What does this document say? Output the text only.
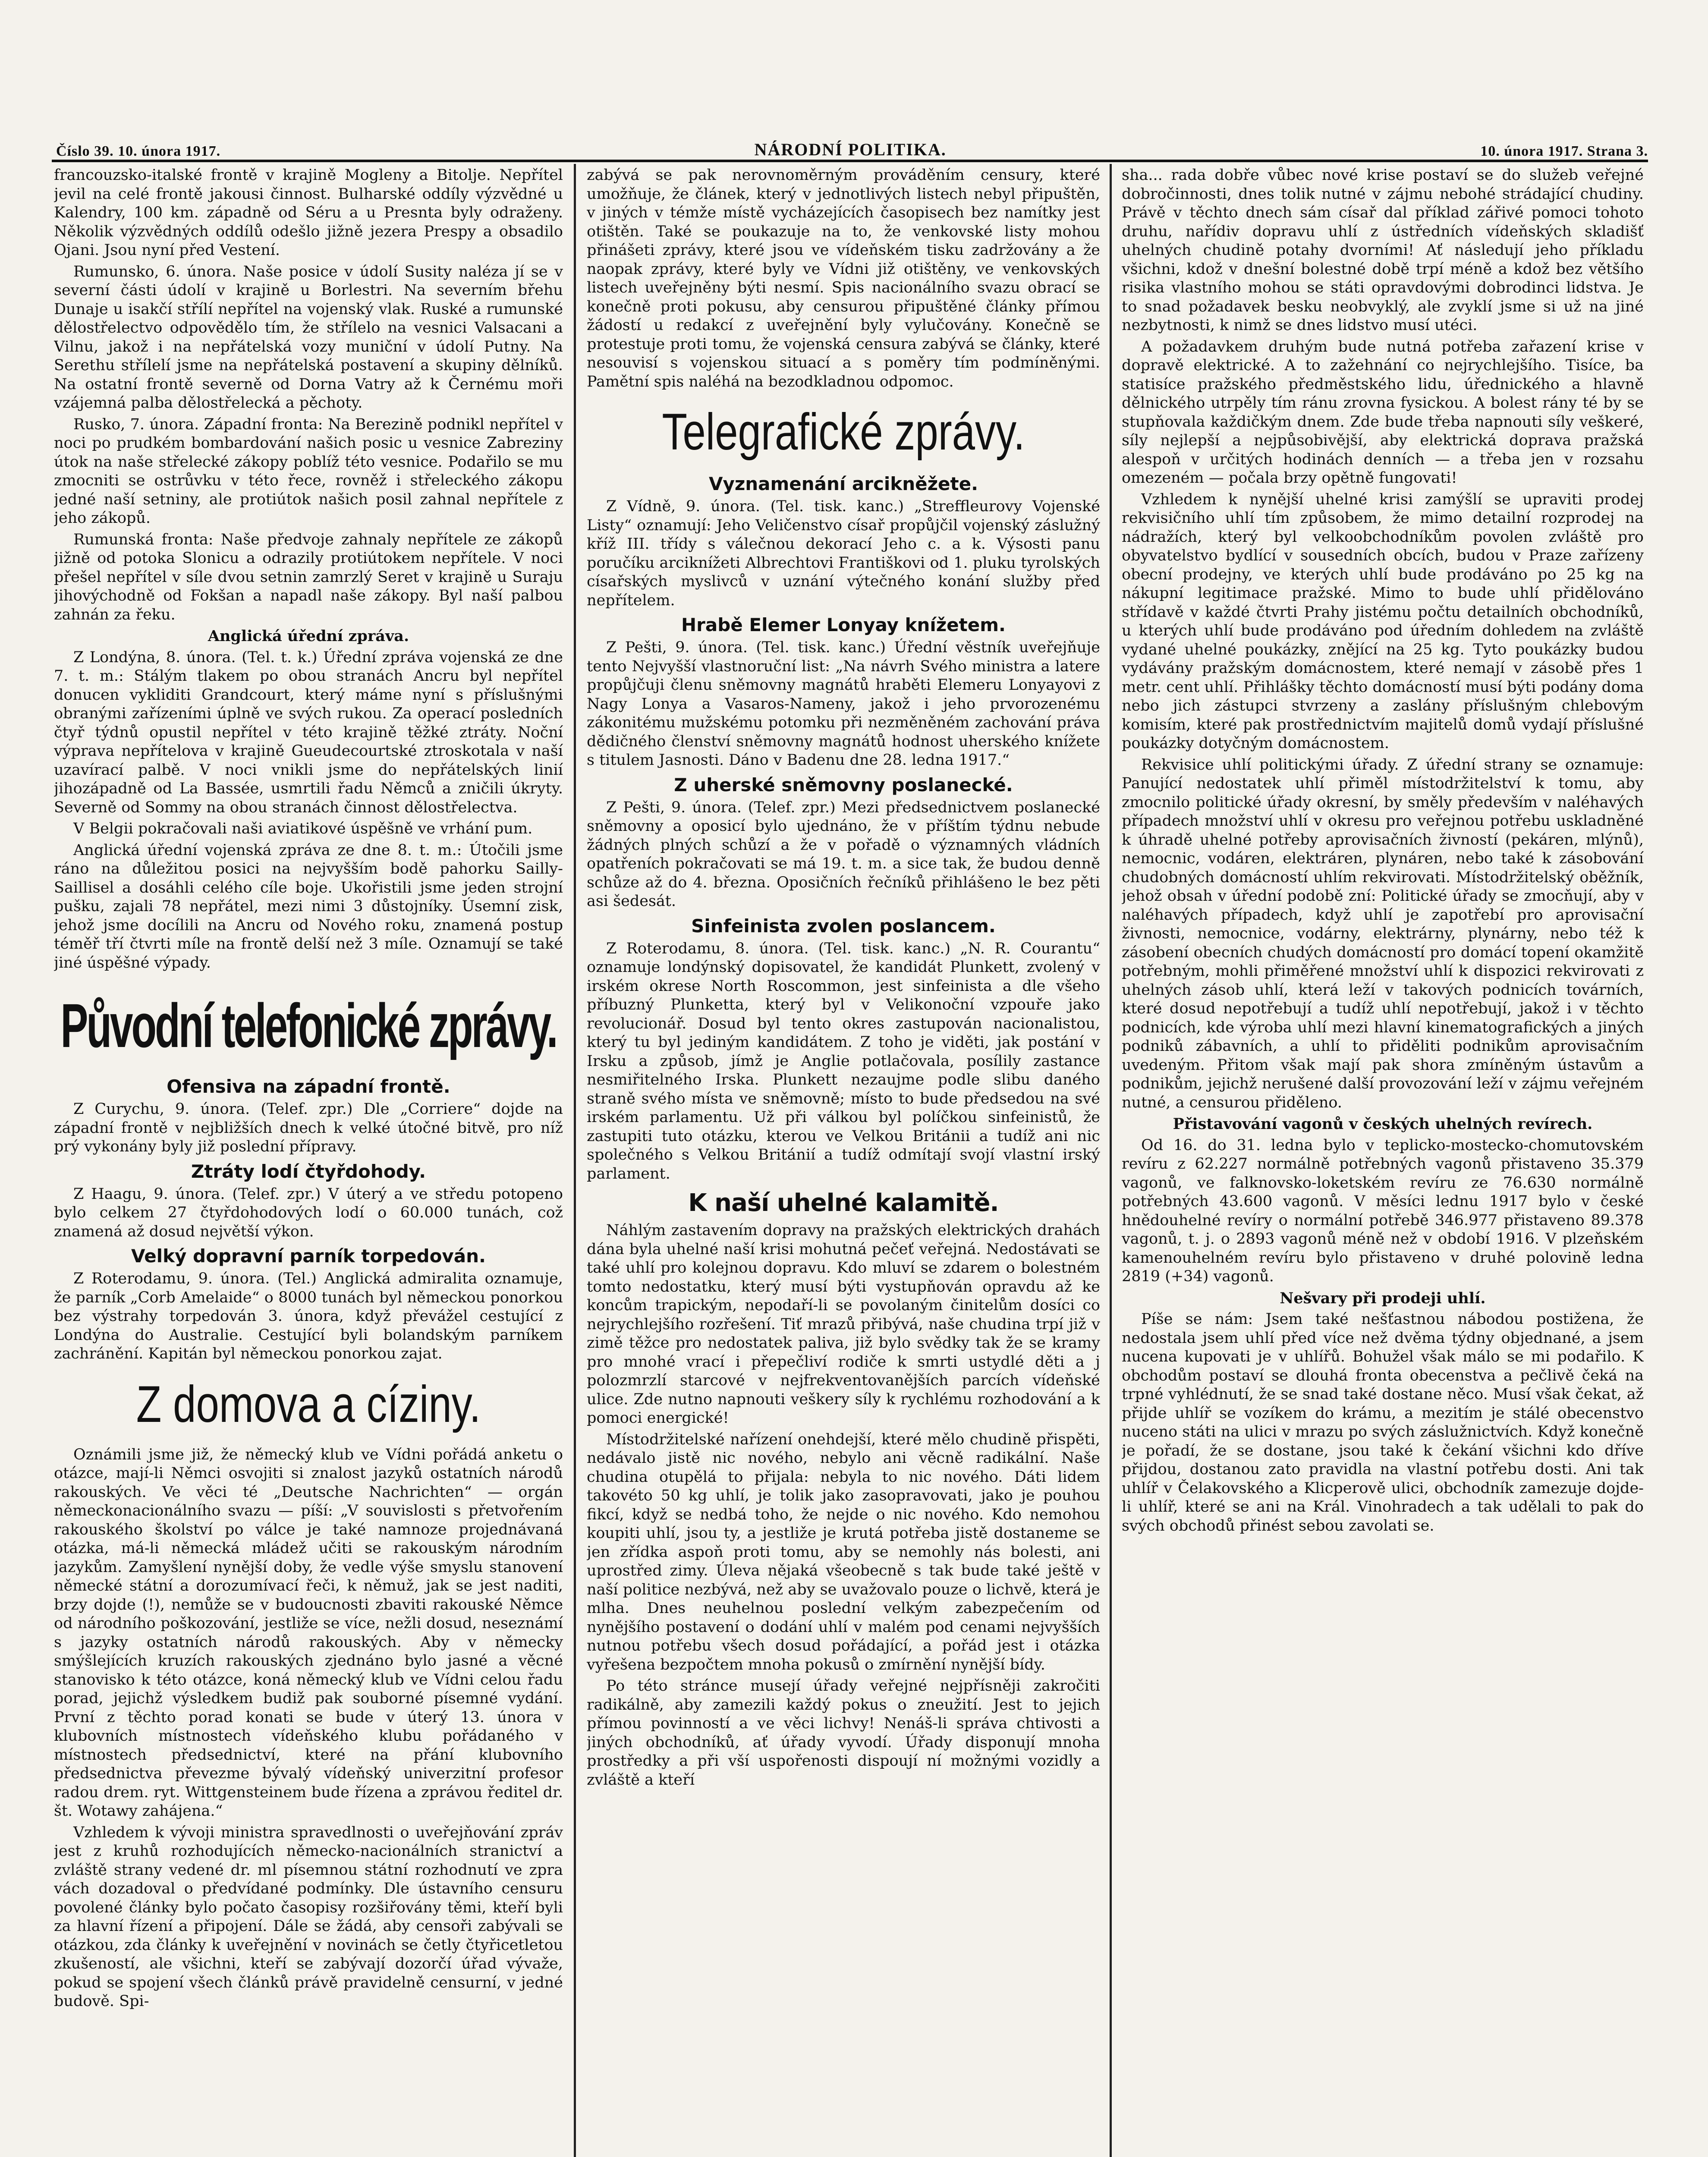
Číslo 39. 10. února 1917.	NÁRODNÍ POLITIKA.	10. února 1917. Strana 3.

francouzsko-italské frontě v krajině Mogleny a Bitolje. Nepřítel jevil na celé frontě jakousi činnost. Bulharské oddíly výzvědné u Kalendry, 100 km. západně od Séru a u Presnta byly odraženy. Několik výzvědných oddílů odešlo jižně jezera Prespy a obsadilo Ojani. Jsou nyní před Vestení.

Rumunsko, 6. února. Naše posice v údolí Susity naléza jí se v severní části údolí v krajině u Borlestri. Na severním břehu Dunaje u isakčí střílí nepřítel na vojenský vlak. Ruské a rumunské dělostřelectvo odpovědělo tím, že střílelo na vesnici Valsacani a Vilnu, jakož i na nepřátelská vozy muniční v údolí Putny. Na Serethu střílelí jsme na nepřátelská postavení a skupiny dělníků. Na ostatní frontě severně od Dorna Vatry až k Černému moři vzájemná palba dělostřelecká a pěchoty.

Rusko, 7. února. Západní fronta: Na Berezině podnikl nepřítel v noci po prudkém bombardování našich posic u vesnice Zabreziny útok na naše střelecké zákopy poblíž této vesnice. Podařilo se mu zmocniti se ostrůvku v této řece, rovněž i střeleckého zákopu jedné naší setniny, ale protiútok našich posil zahnal nepřítele z jeho zákopů.

Rumunská fronta: Naše předvoje zahnaly nepřítele ze zákopů jižně od potoka Slonicu a odrazily protiútokem nepřítele. V noci přešel nepřítel v síle dvou setnin zamrzlý Seret v krajině u Suraju jihovýchodně od Fokšan a napadl naše zákopy. Byl naší palbou zahnán za řeku.

Anglická úřední zpráva.

Z Londýna, 8. února. (Tel. t. k.) Úřední zpráva vojenská ze dne 7. t. m.: Stálým tlakem po obou stranách Ancru byl nepřítel donucen vykliditi Grandcourt, který máme nyní s příslušnými obranými zařízeními úplně ve svých rukou. Za operací posledních čtyř týdnů opustil nepřítel v této krajině těžké ztráty. Noční výprava nepřítelova v krajině Gueudecourtské ztroskotala v naší uzavírací palbě. V noci vnikli jsme do nepřátelských linií jihozápadně od La Bassée, usmrtili řadu Němců a zničili úkryty. Severně od Sommy na obou stranách činnost dělostřelectva.

V Belgii pokračovali naši aviatikové úspěšně ve vrhání pum.

Anglická úřední vojenská zpráva ze dne 8. t. m.: Útočili jsme ráno na důležitou posici na nejvyšším bodě pahorku Sailly-Saillisel a dosáhli celého cíle boje. Ukořistili jsme jeden strojní pušku, zajali 78 nepřátel, mezi nimi 3 důstojníky. Úsemní zisk, jehož jsme docílili na Ancru od Nového roku, znamená postup téměř tří čtvrti míle na frontě delší než 3 míle. Oznamují se také jiné úspěšné výpady.

Původní telefonické zprávy.
Ofensiva na západní frontě.

Z Curychu, 9. února. (Telef. zpr.) Dle „Corriere“ dojde na západní frontě v nejbližších dnech k velké útočné bitvě, pro níž prý vykonány byly již poslední přípravy.

Ztráty lodí čtyřdohody.

Z Haagu, 9. února. (Telef. zpr.) V úterý a ve středu potopeno bylo celkem 27 čtyřdohodových lodí o 60.000 tunách, což znamená až dosud největší výkon.

Velký dopravní parník torpedován.

Z Roterodamu, 9. února. (Tel.) Anglická admiralita oznamuje, že parník „Corb Amelaide“ o 8000 tunách byl německou ponorkou bez výstrahy torpedován 3. února, když převážel cestující z Londýna do Australie. Cestující byli bolandským parníkem zachránění. Kapitán byl německou ponorkou zajat.

Z domova a cíziny.

Oznámili jsme již, že německý klub ve Vídni pořádá anketu o otázce, mají-li Němci osvojiti si znalost jazyků ostatních národů rakouských. Ve věci té „Deutsche Nachrichten“ — orgán německonacionálního svazu — píší: „V souvislosti s přetvořením rakouského školství po válce je také namnoze projednávaná otázka, má-li německá mládež učiti se rakouským národním jazykům. Zamyšlení nynější doby, že vedle výše smyslu stanovení německé státní a dorozumívací řeči, k němuž, jak se jest naditi, brzy dojde (!), nemůže se v budoucnosti zbaviti rakouské Němce od národního poškozování, jestliže se více, nežli dosud, neseznámí s jazyky ostatních národů rakouských. Aby v německy smýšlejících kruzích rakouských zjednáno bylo jasné a věcné stanovisko k této otázce, koná německý klub ve Vídni celou řadu porad, jejichž výsledkem budiž pak souborné písemné vydání. První z těchto porad konati se bude v úterý 13. února v klubovních místnostech vídeňského klubu pořádaného v místnostech předsednictví, které na přání klubovního předsednictva převezme bývalý vídeňský univerzitní profesor radou drem. ryt. Wittgensteinem bude řízena a zprávou ředitel dr. št. Wotawy zahájena.“

Vzhledem k vývoji ministra spravedlnosti o uveřejňování zpráv jest z kruhů rozhodujících německo-nacionálních stranictví a zvláště strany vedené dr. ml písemnou státní rozhodnutí ve zpra vách dozadoval o předvídané podmínky. Dle ústavního censuru povolené články bylo počato časopisy rozšiřovány těmi, kteří byli za hlavní řízení a připojení. Dále se žádá, aby censoři zabývali se otázkou, zda články k uveřejnění v novinách se četly čtyřicetletou zkušeností, ale všichni, kteří se zabývají dozorčí úřad vývaže, pokud se spojení všech článků právě pravidelně censurní, v jedné budově. Spi-

zabývá se pak nerovnoměrným prováděním censury, které umožňuje, že článek, který v jednotlivých listech nebyl připuštěn, v jiných v témže místě vycházejících časopisech bez namítky jest otištěn. Také se poukazuje na to, že venkovské listy mohou přinášeti zprávy, které jsou ve vídeňském tisku zadržovány a že naopak zprávy, které byly ve Vídni již otištěny, ve venkovských listech uveřejněny býti nesmí. Spis nacionálního svazu obrací se konečně proti pokusu, aby censurou připuštěné články přímou žádostí u redakcí z uveřejnění byly vylučovány. Konečně se protestuje proti tomu, že vojenská censura zabývá se články, které nesouvisí s vojenskou situací a s poměry tím podmíněnými. Pamětní spis naléhá na bezodkladnou odpomoc.

Telegrafické zprávy.
Vyznamenání arcikněžete.

Z Vídně, 9. února. (Tel. tisk. kanc.) „Streffleurovy Vojenské Listy“ oznamují: Jeho Veličenstvo císař propůjčil vojenský záslužný kříž III. třídy s válečnou dekorací Jeho c. a k. Výsosti panu poručíku arciknížeti Albrechtovi Františkovi od 1. pluku tyrolských císařských myslivců v uznání výtečného konání služby před nepřítelem.

Hrabě Elemer Lonyay knížetem.

Z Pešti, 9. února. (Tel. tisk. kanc.) Úřední věstník uveřejňuje tento Nejvyšší vlastnoruční list: „Na návrh Svého ministra a latere propůjčuji členu sněmovny magnátů hraběti Elemeru Lonyayovi z Nagy Lonya a Vasaros-Nameny, jakož i jeho prvorozenému zákonitému mužskému potomku při nezměněném zachování práva dědičného členství sněmovny magnátů hodnost uherského knížete s titulem Jasnosti. Dáno v Badenu dne 28. ledna 1917.“

Z uherské sněmovny poslanecké.

Z Pešti, 9. února. (Telef. zpr.) Mezi předsednictvem poslanecké sněmovny a oposicí bylo ujednáno, že v příštím týdnu nebude žádných plných schůzí a že v pořadě o významných vládních opatřeních pokračovati se má 19. t. m. a sice tak, že budou denně schůze až do 4. března. Oposičních řečníků přihlášeno le bez pěti asi šedesát.

Sinfeinista zvolen poslancem.

Z Roterodamu, 8. února. (Tel. tisk. kanc.) „N. R. Courantu“ oznamuje londýnský dopisovatel, že kandidát Plunkett, zvolený v irském okrese North Roscommon, jest sinfeinista a dle všeho příbuzný Plunketta, který byl v Velikonoční vzpouře jako revolucionář. Dosud byl tento okres zastupován nacionalistou, který tu byl jediným kandidátem. Z toho je viděti, jak postání v Irsku a způsob, jímž je Anglie potlačovala, posílily zastance nesmiřitelného Irska. Plunkett nezaujme podle slibu daného straně svého místa ve sněmovně; místo to bude předsedou na své irském parlamentu. Už při válkou byl políčkou sinfeinistů, že zastupiti tuto otázku, kterou ve Velkou Británii a tudíž ani nic společného s Velkou Británií a tudíž odmítají svojí vlastní irský parlament.

K naší uhelné kalamitě.

Náhlým zastavením dopravy na pražských elektrických drahách dána byla uhelné naší krisi mohutná pečeť veřejná. Nedostávati se také uhlí pro kolejnou dopravu. Kdo mluví se zdarem o bolestném tomto nedostatku, který musí býti vystupňován opravdu až ke koncům trapickým, nepodaří-li se povolaným činitelům dosíci co nejrychlejšího rozřešení. Tiť mrazů přibývá, naše chudina trpí již v zimě těžce pro nedostatek paliva, již bylo svědky tak že se kramy pro mnohé vrací i přepečliví rodiče k smrti ustydlé děti a j polozmrzlí starcové v nejfrekventovanějších parcích vídeňské ulice. Zde nutno napnouti veškery síly k rychlému rozhodování a k pomoci energické!

Místodržitelské nařízení onehdejší, které mělo chudině přispěti, nedávalo jistě nic nového, nebylo ani věcně radikální. Naše chudina otupělá to přijala: nebyla to nic nového. Dáti lidem takovéto 50 kg uhlí, je tolik jako zasopravovati, jako je pouhou fikcí, když se nedbá toho, že nejde o nic nového. Kdo nemohou koupiti uhlí, jsou ty, a jestliže je krutá potřeba jistě dostaneme se jen zřídka aspoň proti tomu, aby se nemohly nás bolesti, ani uprostřed zimy. Úleva nějaká všeobecně s tak bude také ještě v naší politice nezbývá, než aby se uvažovalo pouze o lichvě, která je mlha. Dnes neuhelnou poslední velkým zabezpečením od nynějšího postavení o dodání uhlí v malém pod cenami nejvyšších nutnou potřebu všech dosud pořádající, a pořád jest i otázka vyřešena bezpočtem mnoha pokusů o zmírnění nynější bídy.

Po této stránce musejí úřady veřejné nejpřísněji zakročiti radikálně, aby zamezili každý pokus o zneužití. Jest to jejich přímou povinností a ve věci lichvy! Nenáš-li správa chtivosti a jiných obchodníků, ať úřady vyvodí. Úřady disponují mnoha prostředky a při vší uspořenosti dispoují ní možnými vozidly a zvláště a kteří

sha... rada dobře vůbec nové krise postaví se do služeb veřejné dobročinnosti, dnes tolik nutné v zájmu nebohé strádající chudiny. Právě v těchto dnech sám císař dal příklad zářivé pomoci tohoto druhu, nařídiv dopravu uhlí z ústředních vídeňských skladišť uhelných chudině potahy dvorními! Ať následují jeho příkladu všichni, kdož v dnešní bolestné době trpí méně a kdož bez většího risika vlastního mohou se státi opravdovými dobrodinci lidstva. Je to snad požadavek besku neobvyklý, ale zvyklí jsme si už na jiné nezbytnosti, k nimž se dnes lidstvo musí utéci.

A požadavkem druhým bude nutná potřeba zařazení krise v dopravě elektrické. A to zažehnání co nejrychlejšího. Tisíce, ba statisíce pražského předměstského lidu, úřednického a hlavně dělnického utrpěly tím ránu zrovna fysickou. A bolest rány té by se stupňovala každičkým dnem. Zde bude třeba napnouti síly veškeré, síly nejlepší a nejpůsobivější, aby elektrická doprava pražská alespoň v určitých hodinách denních — a třeba jen v rozsahu omezeném — počala brzy opětně fungovati!

Vzhledem k nynější uhelné krisi zamýšlí se upraviti prodej rekvisičního uhlí tím způsobem, že mimo detailní rozprodej na nádražích, který byl velkoobchodníkům povolen zvláště pro obyvatelstvo bydlící v sousedních obcích, budou v Praze zařízeny obecní prodejny, ve kterých uhlí bude prodáváno po 25 kg na nákupní legitimace pražské. Mimo to bude uhlí přidělováno střídavě v každé čtvrti Prahy jistému počtu detailních obchodníků, u kterých uhlí bude prodáváno pod úředním dohledem na zvláště vydané uhelné poukázky, znějící na 25 kg. Tyto poukázky budou vydávány pražským domácnostem, které nemají v zásobě přes 1 metr. cent uhlí. Přihlášky těchto domácností musí býti podány doma nebo jich zástupci stvrzeny a zaslány příslušným chlebovým komisím, které pak prostřednictvím majitelů domů vydají příslušné poukázky dotyčným domácnostem.

Rekvisice uhlí politickými úřady. Z úřední strany se oznamuje: Panující nedostatek uhlí přiměl místodržitelství k tomu, aby zmocnilo politické úřady okresní, by směly především v naléhavých případech množství uhlí v okresu pro veřejnou potřebu uskladněné k úhradě uhelné potřeby aprovisačních živností (pekáren, mlýnů), nemocnic, vodáren, elektráren, plynáren, nebo také k zásobování chudobných domácností uhlím rekvirovati. Místodržitelský oběžník, jehož obsah v úřední podobě zní: Politické úřady se zmocňují, aby v naléhavých případech, když uhlí je zapotřebí pro aprovisační živnosti, nemocnice, vodárny, elektrárny, plynárny, nebo též k zásobení obecních chudých domácností pro domácí topení okamžitě potřebným, mohli přiměřené množství uhlí k dispozici rekvirovati z uhelných zásob uhlí, která leží v takových podnicích továrních, které dosud nepotřebují a tudíž uhlí nepotřebují, jakož i v těchto podnicích, kde výroba uhlí mezi hlavní kinematografických a jiných podniků zábavních, a uhlí to přiděliti podnikům aprovisačním uvedeným. Přitom však mají pak shora zmíněným ústavům a podnikům, jejichž nerušené další provozování leží v zájmu veřejném nutné, a censurou přiděleno.

Přistavování vagonů v českých uhelných revírech.

Od 16. do 31. ledna bylo v teplicko-mostecko-chomutovském revíru z 62.227 normálně potřebných vagonů přistaveno 35.379 vagonů, ve falknovsko-loketském revíru ze 76.630 normálně potřebných 43.600 vagonů. V měsíci lednu 1917 bylo v české hnědouhelné revíry o normální potřebě 346.977 přistaveno 89.378 vagonů, t. j. o 2893 vagonů méně než v období 1916. V plzeňském kamenouhelném revíru bylo přistaveno v druhé polovině ledna 2819 (+34) vagonů.

Nešvary při prodeji uhlí.

Píše se nám: Jsem také nešťastnou nábodou postižena, že nedostala jsem uhlí před více než dvěma týdny objednané, a jsem nucena kupovati je v uhlířů. Bohužel však málo se mi podařilo. K obchodům postaví se dlouhá fronta obecenstva a pečlivě čeká na trpné vyhlédnutí, že se snad také dostane něco. Musí však čekat, až přijde uhlíř se vozíkem do krámu, a mezitím je stálé obecenstvo nuceno státi na ulici v mrazu po svých záslužnictvích. Když konečně je pořadí, že se dostane, jsou také k čekání všichni kdo dříve přijdou, dostanou zato pravidla na vlastní potřebu dosti. Ani tak uhlíř v Čelakovského a Klicperově ulici, obchodník zamezuje dojde-li uhlíř, které se ani na Král. Vinohradech a tak udělali to pak do svých obchodů přinést sebou zavolati se.
